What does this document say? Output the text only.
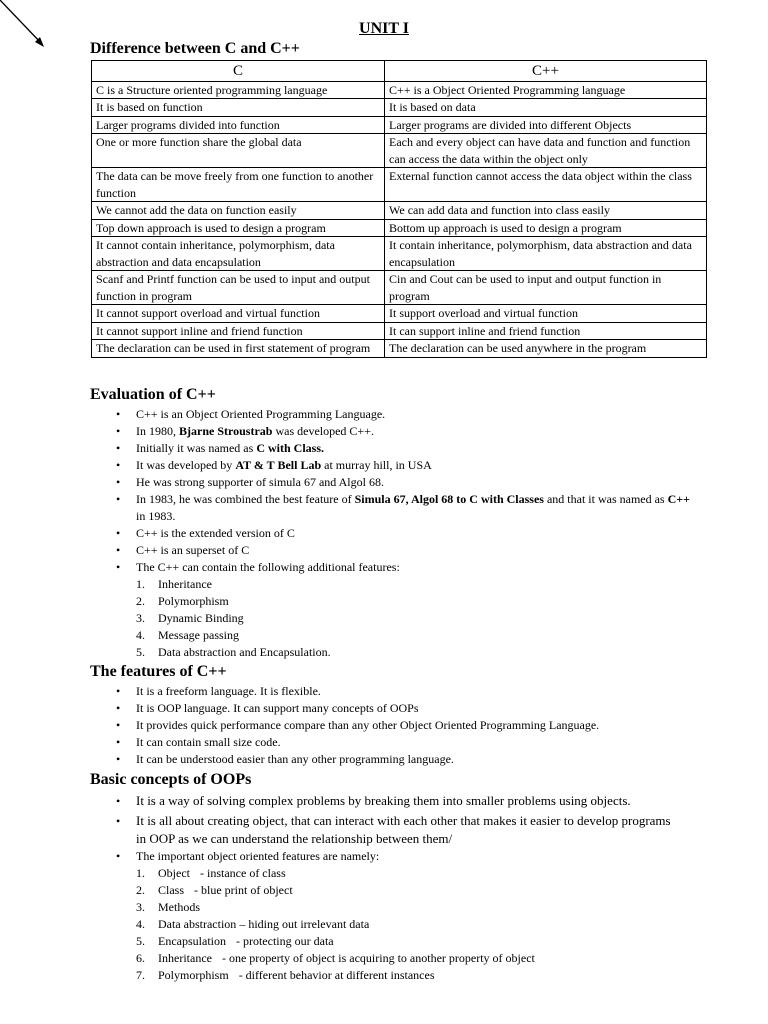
UNIT I
Difference between C and C++
C	C++
C is a Structure oriented programming language	C++ is a Object Oriented Programming language
It is based on function	It is based on data
Larger programs divided into function	Larger programs are divided into different Objects
One or more function share the global data	Each and every object can have data and function and function can access the data within the object only
The data can be move freely from one function to another function	External function cannot access the data object within the class
We cannot add the data on function easily	We can add data and function into class easily
Top down approach is used to design a program	Bottom up approach is used to design a program
It cannot contain inheritance, polymorphism, data abstraction and data encapsulation	It contain inheritance, polymorphism, data abstraction and data encapsulation
Scanf and Printf function can be used to input and output function in program	Cin and Cout can be used to input and output function in program
It cannot support overload and virtual function	It support overload and virtual function
It cannot support inline and friend function	It can support inline and friend function
The declaration can be used in first statement of program	The declaration can be used anywhere in the program
Evaluation of C++
• C++ is an Object Oriented Programming Language.
• In 1980, Bjarne Stroustrab was developed C++.
• Initially it was named as C with Class.
• It was developed by AT & T Bell Lab at murray hill, in USA
• He was strong supporter of simula 67 and Algol 68.
• In 1983, he was combined the best feature of Simula 67, Algol 68 to C with Classes and that it was named as C++ in 1983.
• C++ is the extended version of C
• C++ is an superset of C
• The C++ can contain the following additional features:
1. Inheritance
2. Polymorphism
3. Dynamic Binding
4. Message passing
5. Data abstraction and Encapsulation.
The features of C++
• It is a freeform language. It is flexible.
• It is OOP language. It can support many concepts of OOPs
• It provides quick performance compare than any other Object Oriented Programming Language.
• It can contain small size code.
• It can be understood easier than any other programming language.
Basic concepts of OOPs
• It is a way of solving complex problems by breaking them into smaller problems using objects.
• It is all about creating object, that can interact with each other that makes it easier to develop programs in OOP as we can understand the relationship between them/
• The important object oriented features are namely:
1. Object - instance of class
2. Class - blue print of object
3. Methods
4. Data abstraction – hiding out irrelevant data
5. Encapsulation - protecting our data
6. Inheritance - one property of object is acquiring to another property of object
7. Polymorphism - different behavior at different instances
